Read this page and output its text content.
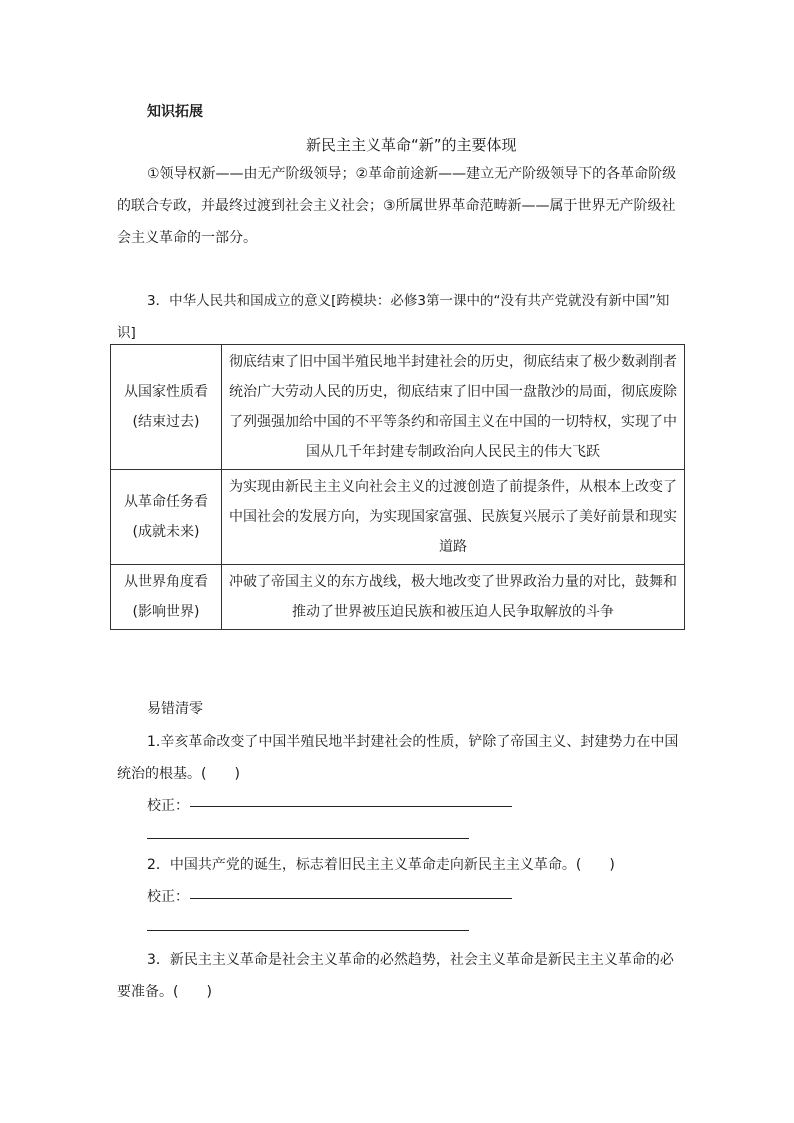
知识拓展
新民主主义革命“新”的主要体现
①领导权新——由无产阶级领导；②革命前途新——建立无产阶级领导下的各革命阶级的联合专政，并最终过渡到社会主义社会；③所属世界革命范畴新——属于世界无产阶级社会主义革命的一部分。
3．中华人民共和国成立的意义[跨模块：必修3第一课中的“没有共产党就没有新中国”知识]
从国家性质看
(结束过去)	彻底结束了旧中国半殖民地半封建社会的历史，彻底结束了极少数剥削者统治广大劳动人民的历史，彻底结束了旧中国一盘散沙的局面，彻底废除了列强强加给中国的不平等条约和帝国主义在中国的一切特权，实现了中国从几千年封建专制政治向人民民主的伟大飞跃

从革命任务看
(成就未来)	为实现由新民主主义向社会主义的过渡创造了前提条件，从根本上改变了中国社会的发展方向，为实现国家富强、民族复兴展示了美好前景和现实道路

从世界角度看
(影响世界)	冲破了帝国主义的东方战线，极大地改变了世界政治力量的对比，鼓舞和推动了世界被压迫民族和被压迫人民争取解放的斗争
易错清零
1.辛亥革命改变了中国半殖民地半封建社会的性质，铲除了帝国主义、封建势力在中国统治的根基。(　　)
校正：
2．中国共产党的诞生，标志着旧民主主义革命走向新民主主义革命。(　　)
校正：
3．新民主主义革命是社会主义革命的必然趋势，社会主义革命是新民主主义革命的必要准备。(　　)
